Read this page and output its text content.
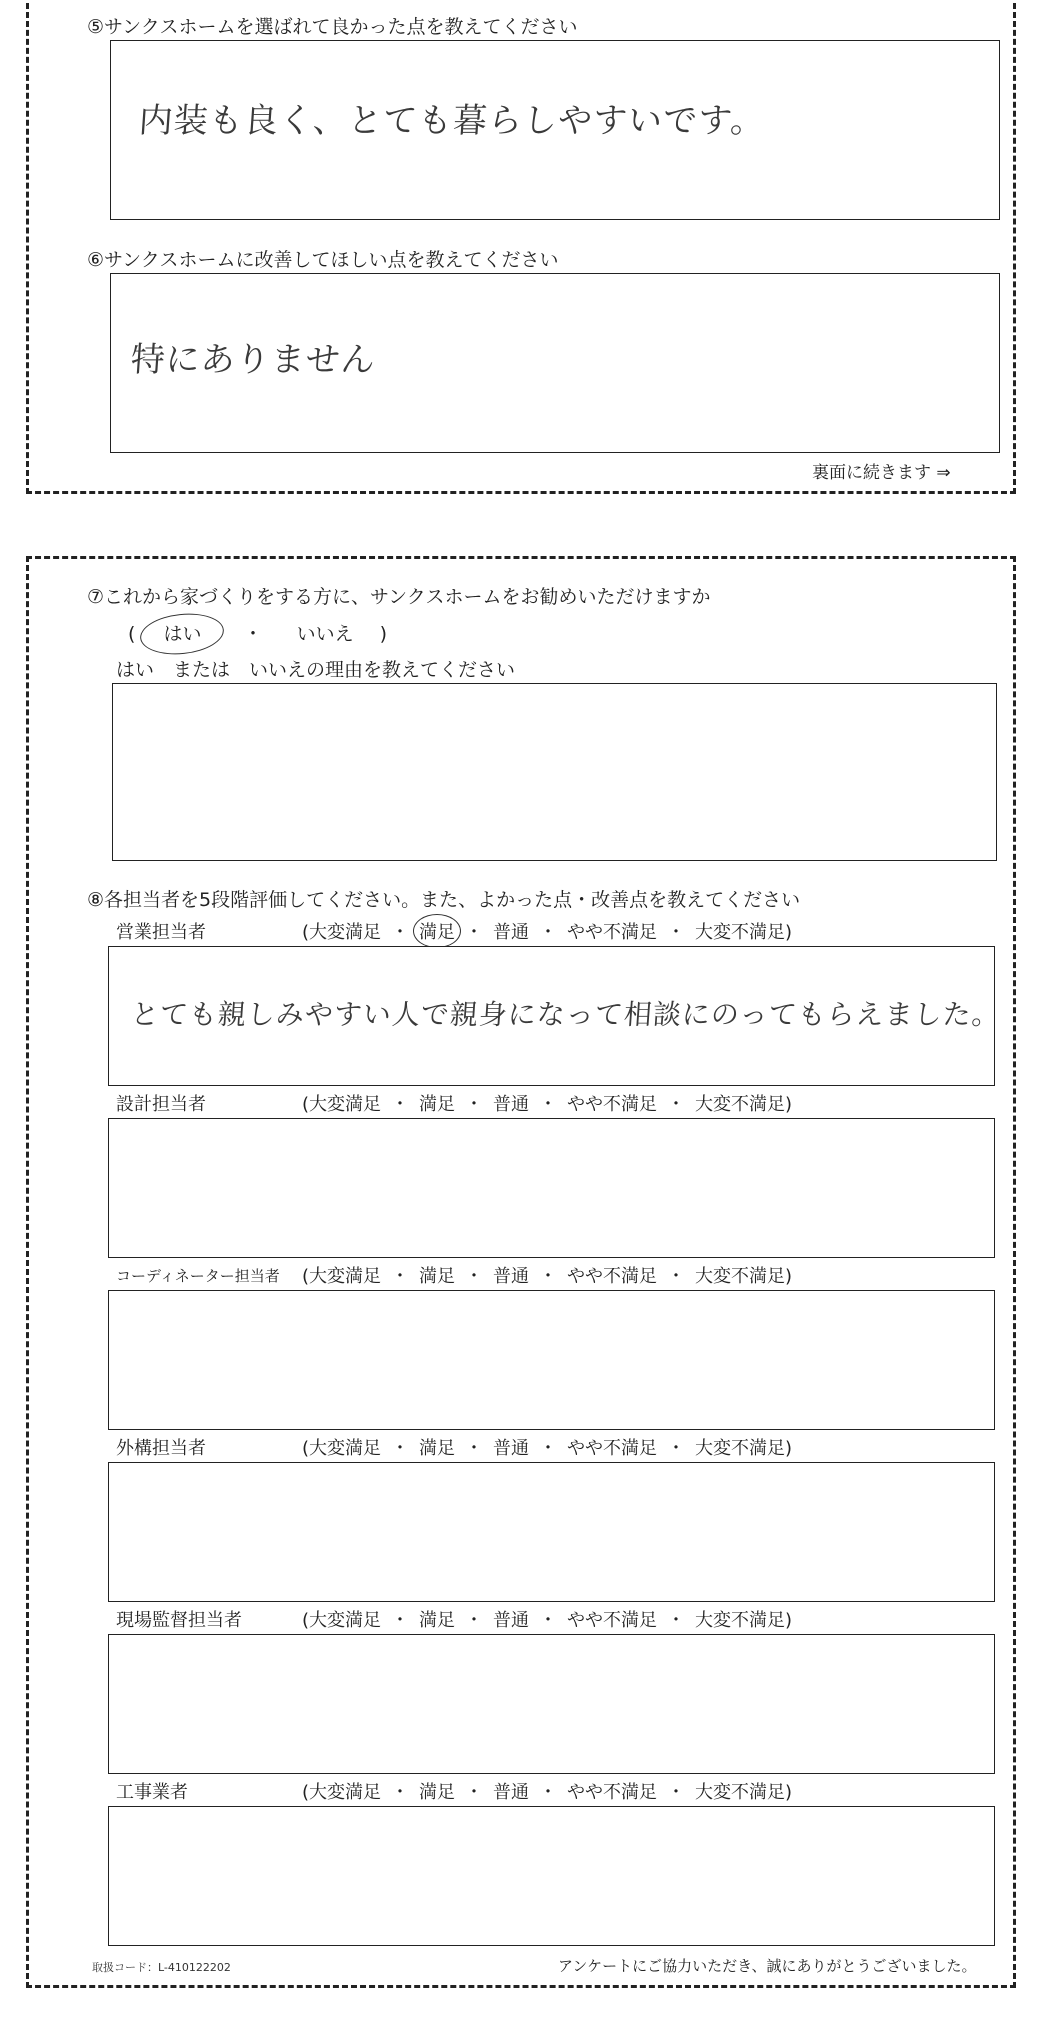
⑤サンクスホームを選ばれて良かった点を教えてください
内装も良く、とても暮らしやすいです。
⑥サンクスホームに改善してほしい点を教えてください
特にありません
裏面に続きます ⇒
⑦これから家づくりをする方に、サンクスホームをお勧めいただけますか
( はい ・ いいえ )
はい　または　いいえの理由を教えてください
⑧各担当者を5段階評価してください。また、よかった点・改善点を教えてください
営業担当者	(大変満足 ・ 満足 ・ 普通 ・ やや不満足 ・ 大変不満足)
とても親しみやすい人で親身になって相談にのってもらえました。
設計担当者	(大変満足 ・ 満足 ・ 普通 ・ やや不満足 ・ 大変不満足)
コーディネーター担当者 (大変満足 ・ 満足 ・ 普通 ・ やや不満足 ・ 大変不満足)
外構担当者	(大変満足 ・ 満足 ・ 普通 ・ やや不満足 ・ 大変不満足)
現場監督担当者	(大変満足 ・ 満足 ・ 普通 ・ やや不満足 ・ 大変不満足)
工事業者	(大変満足 ・ 満足 ・ 普通 ・ やや不満足 ・ 大変不満足)
取扱コード：L-410122202	アンケートにご協力いただき、誠にありがとうございました。
